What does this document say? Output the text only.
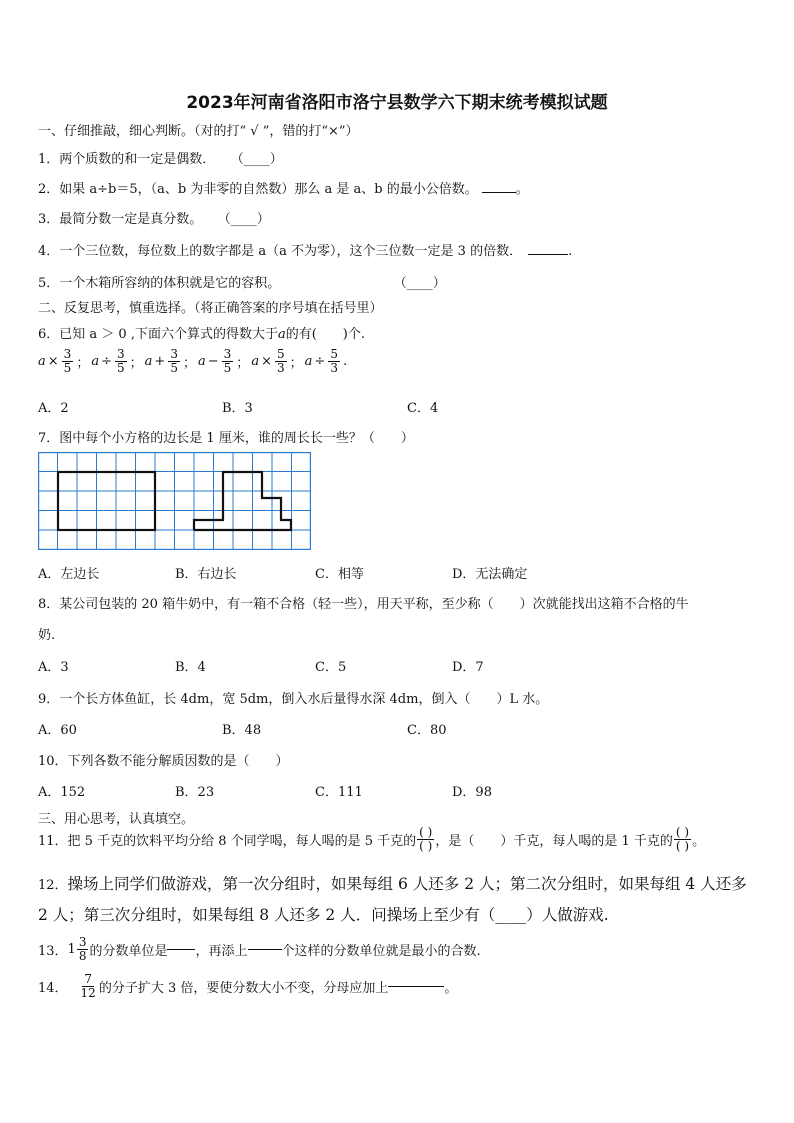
2023年河南省洛阳市洛宁县数学六下期末统考模拟试题
一、仔细推敲，细心判断。（对的打“ √ ”，错的打“×”）
1．两个质数的和一定是偶数． （____）
2．如果 a÷b＝5，（a、b 为非零的自然数）那么 a 是 a、b 的最小公倍数。	。
3．最简分数一定是真分数。 （____）
4．一个三位数，每位数上的数字都是 a（a 不为零），这个三位数一定是 3 的倍数．	.
5．一个木箱所容纳的体积就是它的容积。	（____）
二、反复思考，慎重选择。（将正确答案的序号填在括号里）
6．已知 a ＞ 0 ,下面六个算式的得数大于a的有(　　)个.
$a \times \frac{3}{5}$ ； $a \div \frac{3}{5}$ ； $a + \frac{3}{5}$ ； $a - \frac{3}{5}$ ； $a \times \frac{5}{3}$ ； $a \div \frac{5}{3}$ .
A．2	B．3	C．4
7．图中每个小方格的边长是 1 厘米，谁的周长长一些？（　　）
A．左边长	B．右边长	C．相等	D．无法确定
8．某公司包装的 20 箱牛奶中，有一箱不合格（轻一些），用天平称，至少称（　　）次就能找出这箱不合格的牛
奶.
A．3	B．4	C．5	D．7
9．一个长方体鱼缸，长 4dm，宽 5dm，倒入水后量得水深 4dm，倒入（　　）L 水。
A．60	B．48	C．80
10．下列各数不能分解质因数的是（　　）
A．152	B．23	C．111	D．98
三、用心思考，认真填空。
11． 把 5 千克的饮料平均分给 8 个同学喝，每人喝的是 5 千克的 $\frac{( )}{( )}$ ，是（　　）千克，每人喝的是 1 千克的 $\frac{( )}{( )}$ 。
12．操场上同学们做游戏，第一次分组时，如果每组 6 人还多 2 人；第二次分组时，如果每组 4 人还多
2 人；第三次分组时，如果每组 8 人还多 2 人．问操场上至少有（____）人做游戏.
13． $1 \frac{3}{8}$ 的分数单位是 ，再添上	个这样的分数单位就是最小的合数.
14． $\frac{7}{12}$ 的分子扩大 3 倍，要使分数大小不变，分母应加上	。
